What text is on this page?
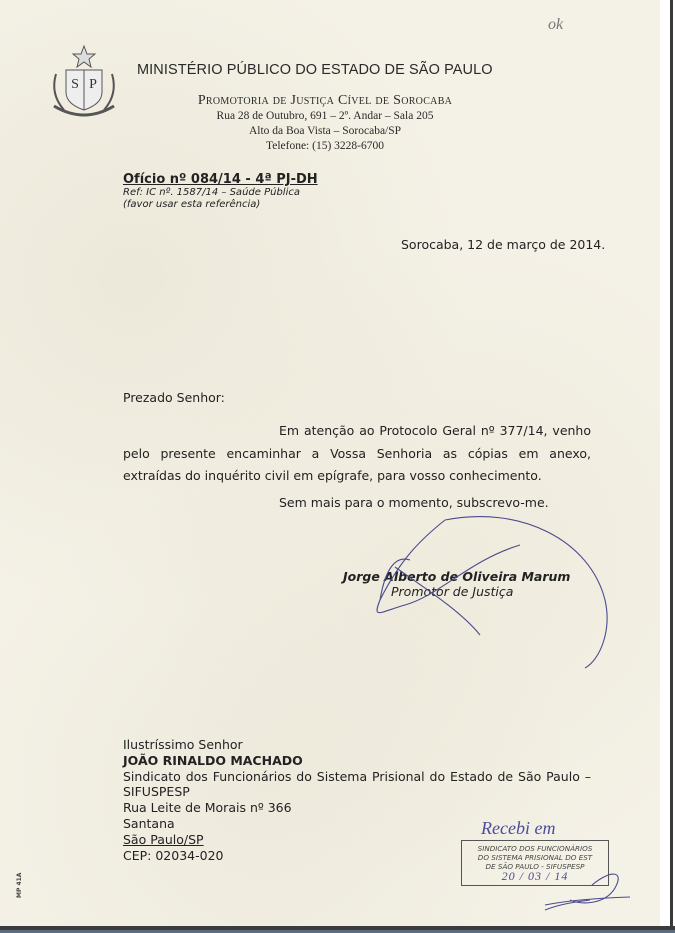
ok
S P
MINISTÉRIO PÚBLICO DO ESTADO DE SÃO PAULO
Promotoria de Justiça Cível de Sorocaba
Rua 28 de Outubro, 691 – 2º. Andar – Sala 205
Alto da Boa Vista – Sorocaba/SP
Telefone: (15) 3228-6700
Ofício nº 084/14 - 4ª PJ-DH
Ref: IC nº. 1587/14 – Saúde Pública
(favor usar esta referência)
Sorocaba, 12 de março de 2014.
Prezado Senhor:
Em atenção ao Protocolo Geral nº 377/14, venho pelo presente encaminhar a Vossa Senhoria as cópias em anexo, extraídas do inquérito civil em epígrafe, para vosso conhecimento.
Sem mais para o momento, subscrevo-me.
Jorge Alberto de Oliveira Marum
Promotor de Justiça
Ilustríssimo Senhor
JOÃO RINALDO MACHADO
Sindicato dos Funcionários do Sistema Prisional do Estado de São Paulo –
SIFUSPESP
Rua Leite de Morais nº 366
Santana
São Paulo/SP
CEP: 02034-020
Recebi em
SINDICATO DOS FUNCIONÁRIOS
DO SISTEMA PRISIONAL DO EST
DE SÃO PAULO - SIFUSPESP
20 / 03 / 14
MP 41A
